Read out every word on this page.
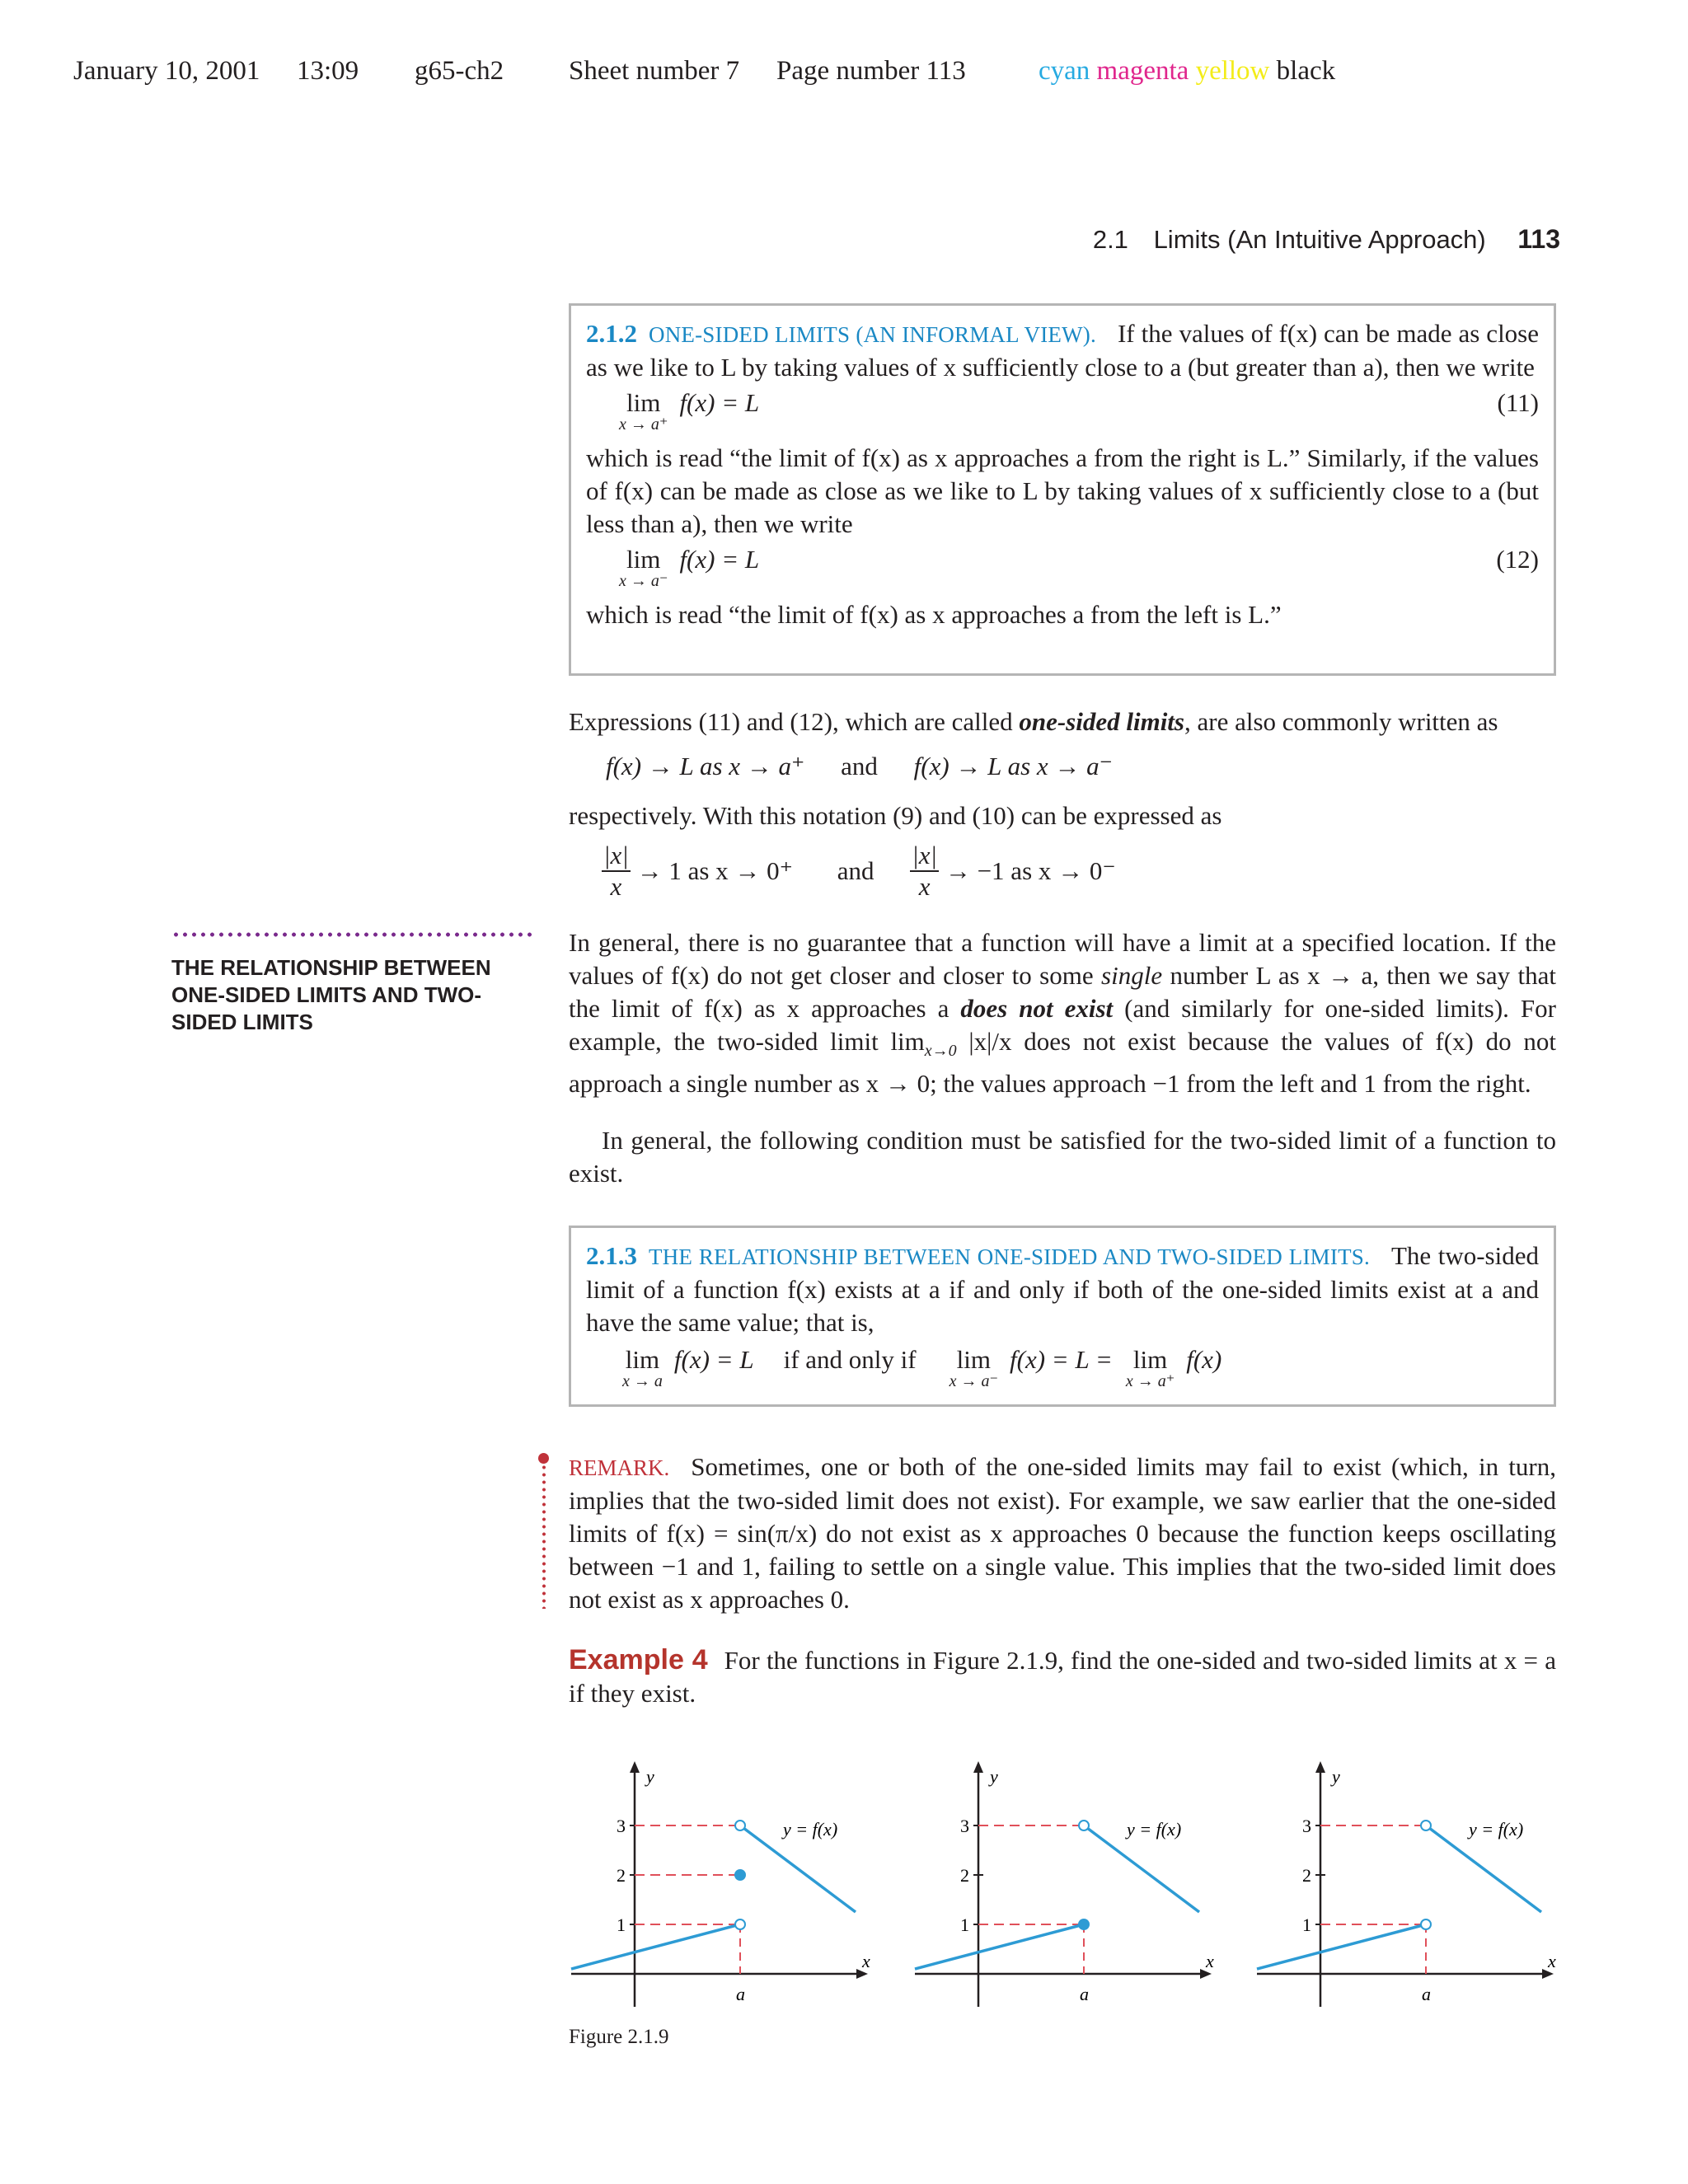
January 10, 2001 13:09 g65-ch2 Sheet number 7 Page number 113	cyan magenta yellow black
2.1 Limits (An Intuitive Approach) 113
2.1.2 ONE-SIDED LIMITS (AN INFORMAL VIEW). If the values of f(x) can be made as close as we like to L by taking values of x sufficiently close to a (but greater than a), then we write
lim
x → a⁺
f(x) = L	(11)
which is read “the limit of f(x) as x approaches a from the right is L.” Similarly, if the values of f(x) can be made as close as we like to L by taking values of x sufficiently close to a (but less than a), then we write
lim
x → a⁻
f(x) = L	(12)
which is read “the limit of f(x) as x approaches a from the left is L.”
Expressions (11) and (12), which are called one-sided limits, are also commonly written as
f(x) → L as x → a⁺ and f(x) → L as x → a⁻
respectively. With this notation (9) and (10) can be expressed as
$\frac{|x|}{x} \to 1$ as x → 0⁺ and $\frac{|x|}{x} \to -1$ as x → 0⁻
THE RELATIONSHIP BETWEEN ONE-SIDED LIMITS AND TWO-SIDED LIMITS
In general, there is no guarantee that a function will have a limit at a specified location. If the values of f(x) do not get closer and closer to some single number L as x → a, then we say that the limit of f(x) as x approaches a does not exist (and similarly for one-sided limits). For example, the two-sided limit $\lim_{x\to 0} |x|/x$ does not exist because the values of f(x) do not approach a single number as x → 0; the values approach −1 from the left and 1 from the right.
In general, the following condition must be satisfied for the two-sided limit of a function to exist.
2.1.3 THE RELATIONSHIP BETWEEN ONE-SIDED AND TWO-SIDED LIMITS. The two-sided limit of a function f(x) exists at a if and only if both of the one-sided limits exist at a and have the same value; that is,
lim
x → a
f(x) = L if and only if lim
x → a⁻
f(x) = L = lim
x → a⁺
f(x)
REMARK. Sometimes, one or both of the one-sided limits may fail to exist (which, in turn, implies that the two-sided limit does not exist). For example, we saw earlier that the one-sided limits of f(x) = sin(π/x) do not exist as x approaches 0 because the function keeps oscillating between −1 and 1, failing to settle on a single value. This implies that the two-sided limit does not exist as x approaches 0.
Example 4 For the functions in Figure 2.1.9, find the one-sided and two-sided limits at x = a if they exist.
y
x
a
1
2
3	y = f(x)
y
x
a
1
2
3	y = f(x)
y
x
a
1
2
3	y = f(x)
Figure 2.1.9
